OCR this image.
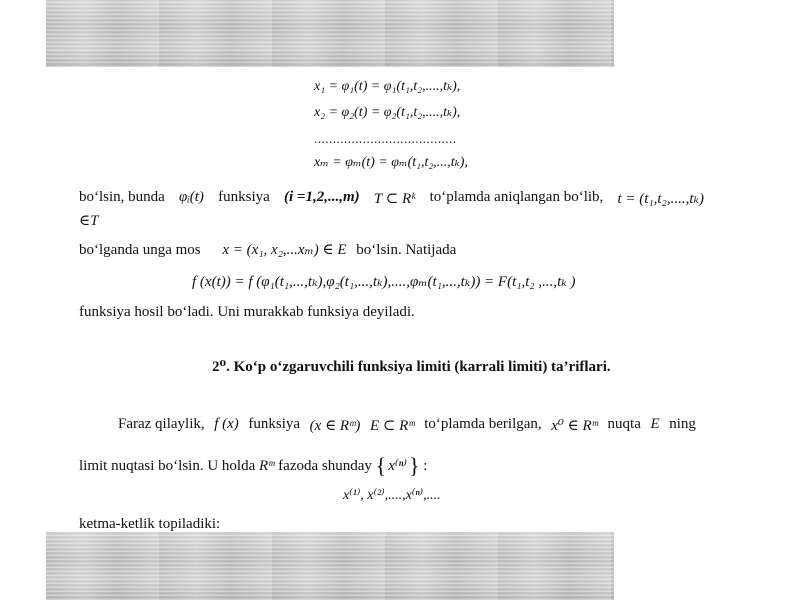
x₁ = φ₁(t) = φ₁(t₁,t₂,....,tₖ),
x₂ = φ₂(t) = φ₂(t₁,t₂,....,tₖ),
......................................
xₘ = φₘ(t) = φₘ(t₁,t₂,...,tₖ),
bo‘lsin, bunda φᵢ(t) funksiya (i =1,2,...,m) T ⊂ Rᵏ to‘plamda aniqlangan bo‘lib, t = (t₁,t₂,....,tₖ)
∈T
bo‘lganda unga mos x = (x₁, x₂,...xₘ) ∈ E bo‘lsin. Natijada
f (x(t)) = f (φ₁(t₁,...,tₖ),φ₂(t₁,...,tₖ),....,φₘ(t₁,...,tₖ)) = F(t₁,t₂ ,...,tₖ )
funksiya hosil bo‘ladi. Uni murakkab funksiya deyiladi.
2⁰. Ko‘p o‘zgaruvchili funksiya limiti (karrali limiti) ta’riflari.
Faraz qilaylik, f (x) funksiya (x ∈ Rᵐ) E ⊂ Rᵐ to‘plamda berilgan, x⁰ ∈ Rᵐ nuqta E ning
limit nuqtasi bo‘lsin. U holda Rᵐ fazoda shunday { x⁽ⁿ⁾} :
x⁽¹⁾, x⁽²⁾,....,x⁽ⁿ⁾,....
ketma-ketlik topiladiki:
